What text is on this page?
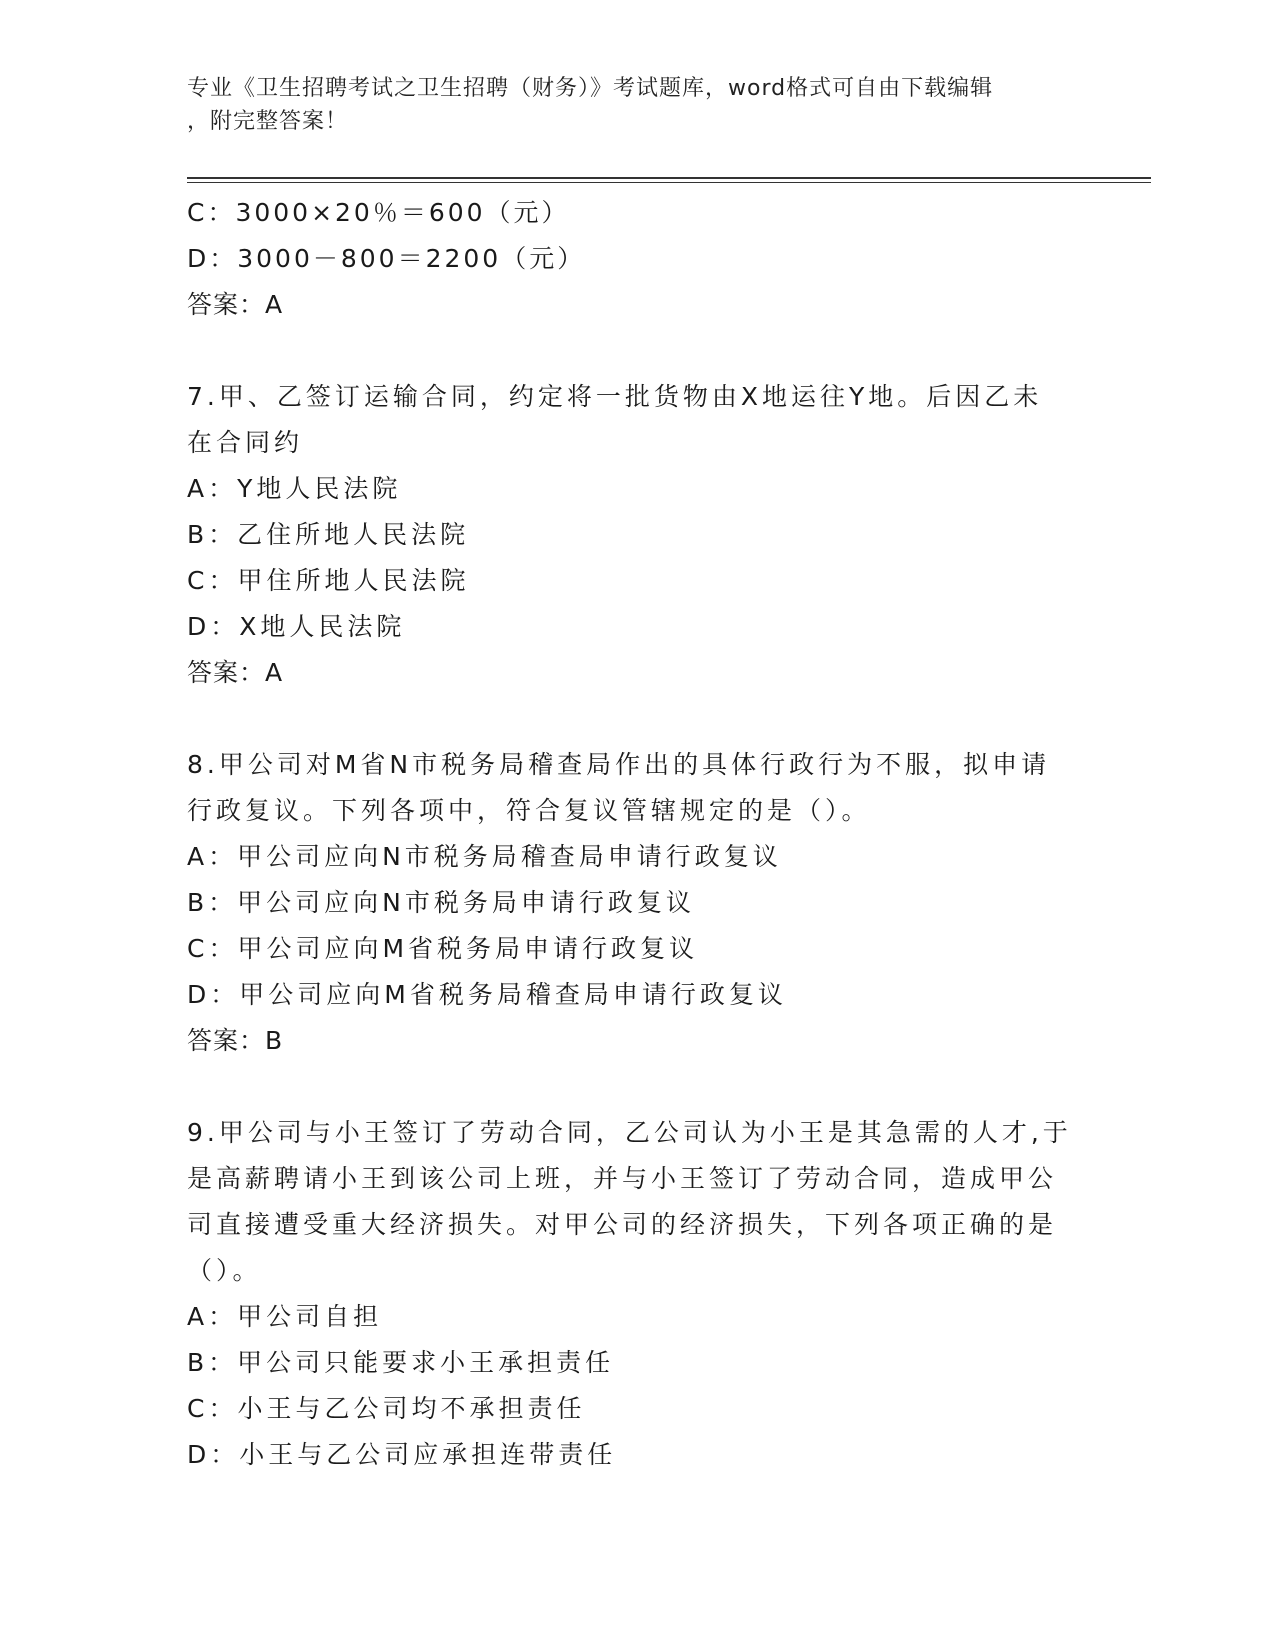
专业《卫生招聘考试之卫生招聘（财务）》考试题库，word格式可自由下载编辑
，附完整答案！
C：3000×20％＝600（元）
D：3000－800＝2200（元）
答案：A
7.甲、乙签订运输合同，约定将一批货物由X地运往Y地。后因乙未
在合同约
A：Y地人民法院
B：乙住所地人民法院
C：甲住所地人民法院
D：X地人民法院
答案：A
8.甲公司对M省N市税务局稽查局作出的具体行政行为不服，拟申请
行政复议。下列各项中，符合复议管辖规定的是（）。
A：甲公司应向N市税务局稽查局申请行政复议
B：甲公司应向N市税务局申请行政复议
C：甲公司应向M省税务局申请行政复议
D：甲公司应向M省税务局稽查局申请行政复议
答案：B
9.甲公司与小王签订了劳动合同，乙公司认为小王是其急需的人才,于
是高薪聘请小王到该公司上班，并与小王签订了劳动合同，造成甲公
司直接遭受重大经济损失。对甲公司的经济损失，下列各项正确的是
（）。
A：甲公司自担
B：甲公司只能要求小王承担责任
C：小王与乙公司均不承担责任
D：小王与乙公司应承担连带责任
